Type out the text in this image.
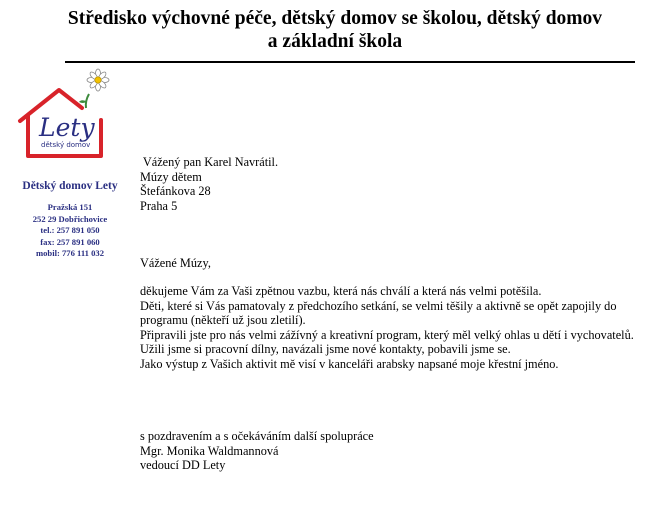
Středisko výchovné péče, dětský domov se školou, dětský domov
a základní škola
Lety
dětský domov
Dětský domov Lety
Pražská 151
252 29 Dobřichovice
tel.: 257 891 050
fax: 257 891 060
mobil: 776 111 032
Vážený pan Karel Navrátil.
Múzy dětem
Štefánkova 28
Praha 5
Vážené Múzy,
děkujeme Vám za Vaši zpětnou vazbu, která nás chválí a která nás velmi potěšila.
Děti, které si Vás pamatovaly z předchozího setkání, se velmi těšily a aktivně se opět zapojily do
programu (někteří už jsou zletilí).
Připravili jste pro nás velmi zážívný a kreativní program, který měl velký ohlas u dětí i vychovatelů.
Užili jsme si pracovní dílny, navázali jsme nové kontakty, pobavili jsme se.
Jako výstup z Vašich aktivit mě visí v kanceláři arabsky napsané moje křestní jméno.
s pozdravením a s očekáváním další spolupráce
Mgr. Monika Waldmannová
vedoucí DD Lety
